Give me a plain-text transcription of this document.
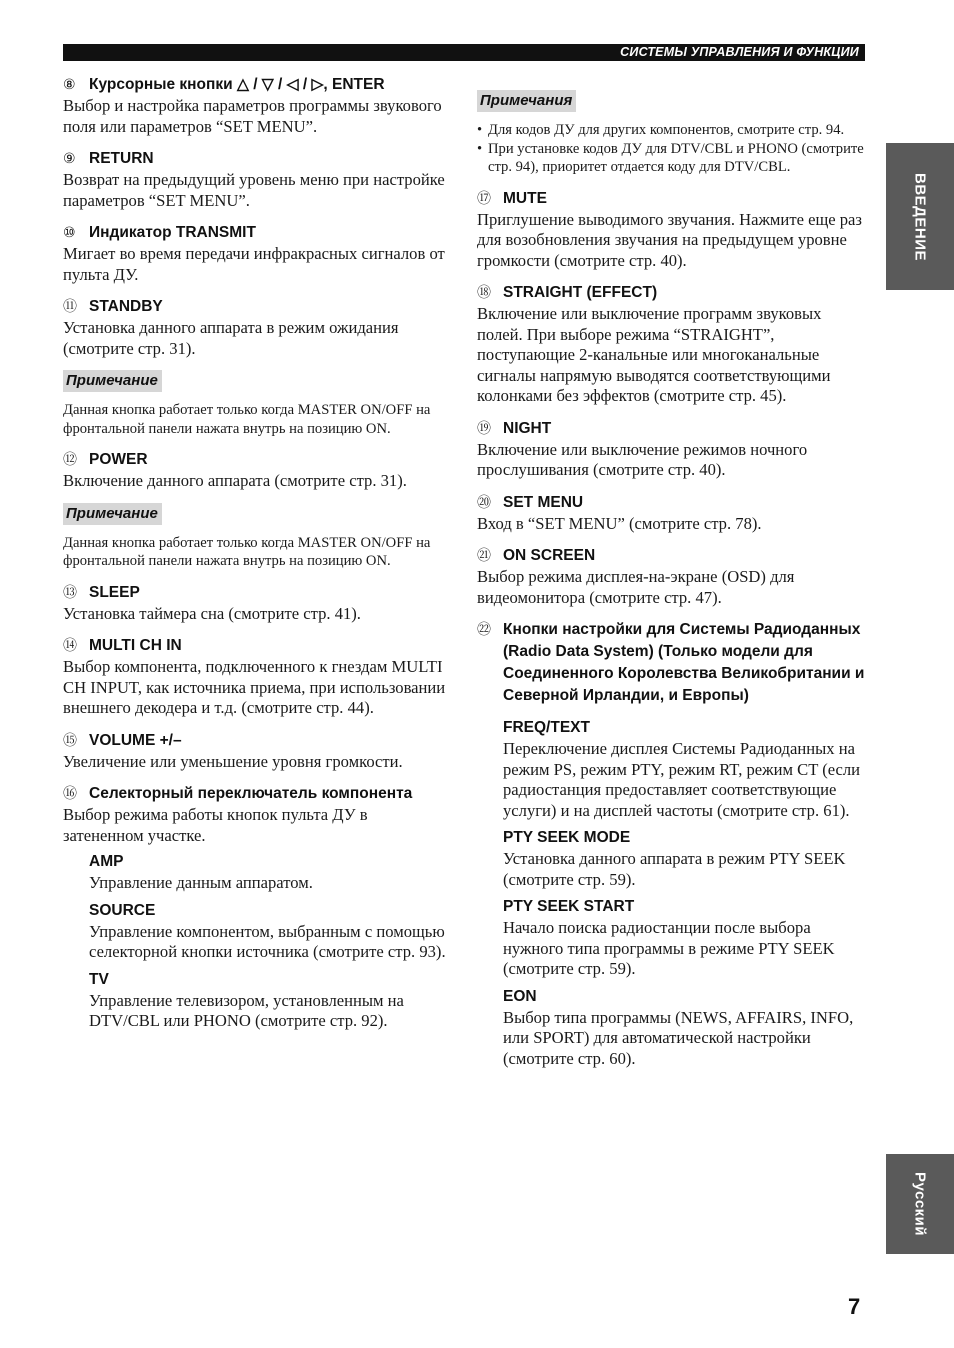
СИСТЕМЫ УПРАВЛЕНИЯ И ФУНКЦИИ
ВВЕДЕНИЕ
Русский
⑧ Курсорные кнопки △ / ▽ / ◁ / ▷, ENTER
Выбор и настройка параметров программы звукового поля или параметров “SET MENU”.
⑨ RETURN
Возврат на предыдущий уровень меню при настройке параметров “SET MENU”.
⑩ Индикатор TRANSMIT
Мигает во время передачи инфракрасных сигналов от пульта ДУ.
⑪ STANDBY
Установка данного аппарата в режим ожидания (смотрите стр. 31).
Примечание
Данная кнопка работает только когда MASTER ON/OFF на фронтальной панели нажата внутрь на позицию ON.
⑫ POWER
Включение данного аппарата (смотрите стр. 31).
Примечание
Данная кнопка работает только когда MASTER ON/OFF на фронтальной панели нажата внутрь на позицию ON.
⑬ SLEEP
Установка таймера сна (смотрите стр. 41).
⑭ MULTI CH IN
Выбор компонента, подключенного к гнездам MULTI CH INPUT, как источника приема, при использовании внешнего декодера и т.д. (смотрите стр. 44).
⑮ VOLUME +/–
Увеличение или уменьшение уровня громкости.
⑯ Селекторный переключатель компонента
Выбор режима работы кнопок пульта ДУ в затененном участке.
AMP
Управление данным аппаратом.
SOURCE
Управление компонентом, выбранным с помощью селекторной кнопки источника (смотрите стр. 93).
TV
Управление телевизором, установленным на DTV/CBL или PHONO (смотрите стр. 92).
Примечания
• Для кодов ДУ для других компонентов, смотрите стр. 94.
• При установке кодов ДУ для DTV/CBL и PHONO (смотрите стр. 94), приоритет отдается коду для DTV/CBL.
⑰ MUTE
Приглушение выводимого звучания. Нажмите еще раз для возобновления звучания на предыдущем уровне громкости (смотрите стр. 40).
⑱ STRAIGHT (EFFECT)
Включение или выключение программ звуковых полей. При выборе режима “STRAIGHT”, поступающие 2-канальные или многоканальные сигналы напрямую выводятся соответствующими колонками без эффектов (смотрите стр. 45).
⑲ NIGHT
Включение или выключение режимов ночного прослушивания (смотрите стр. 40).
⑳ SET MENU
Вход в “SET MENU” (смотрите стр. 78).
㉑ ON SCREEN
Выбор режима дисплея-на-экране (OSD) для видеомонитора (смотрите стр. 47).
㉒ Кнопки настройки для Системы Радиоданных (Radio Data System) (Только модели для Соединенного Королевства Великобритании и Северной Ирландии, и Европы)
FREQ/TEXT
Переключение дисплея Системы Радиоданных на режим PS, режим PTY, режим RT, режим CT (если радиостанция предоставляет соответствующие услуги) и на дисплей частоты (смотрите стр. 61).
PTY SEEK MODE
Установка данного аппарата в режим PTY SEEK (смотрите стр. 59).
PTY SEEK START
Начало поиска радиостанции после выбора нужного типа программы в режиме PTY SEEK (смотрите стр. 59).
EON
Выбор типа программы (NEWS, AFFAIRS, INFO, или SPORT) для автоматической настройки (смотрите стр. 60).
7
